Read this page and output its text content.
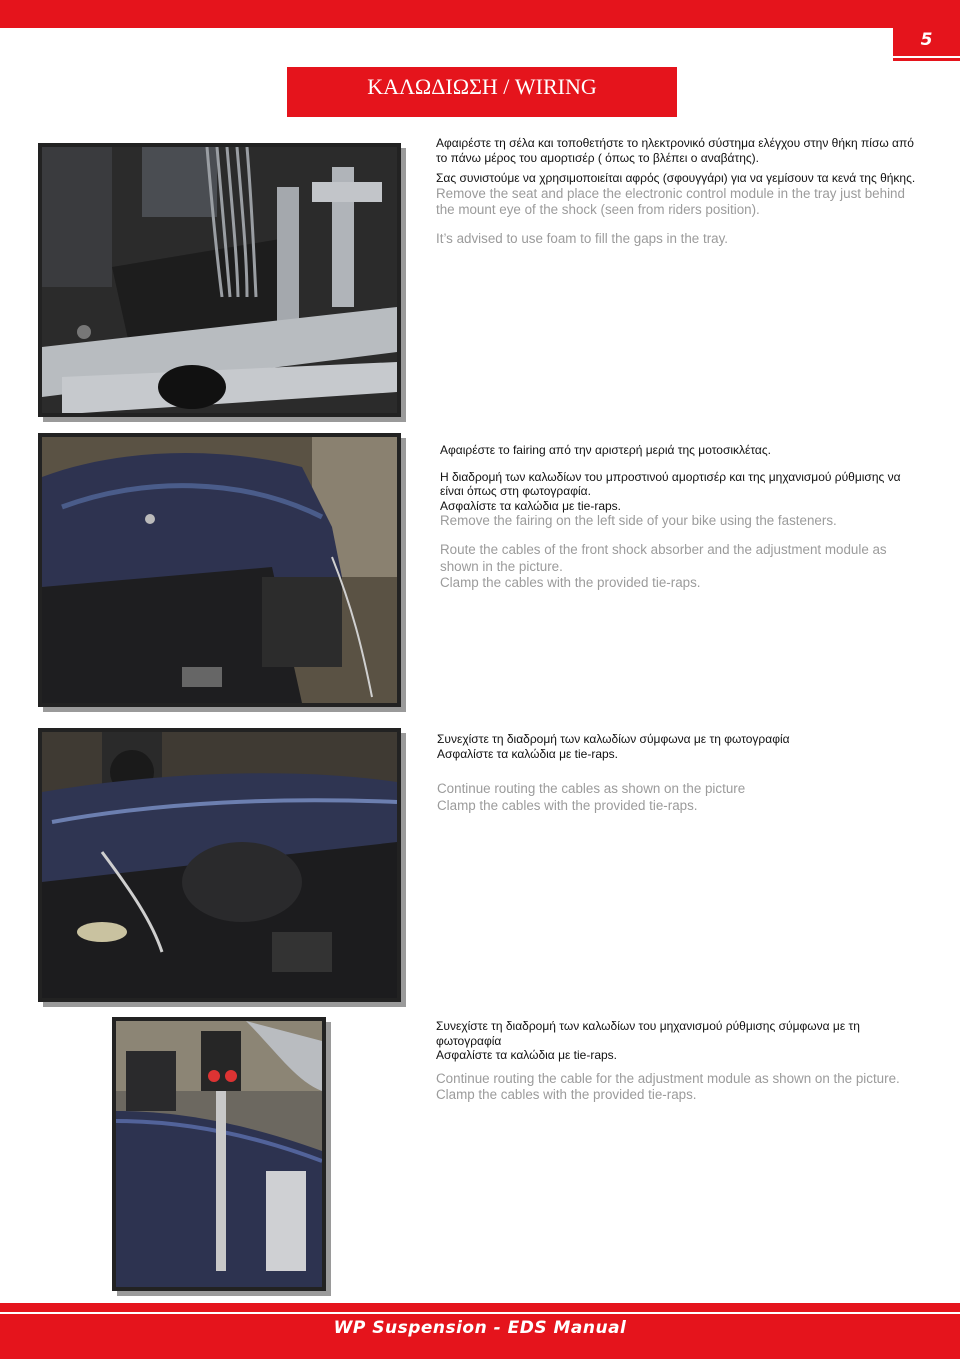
5
ΚΑΛΩΔΙΩΣΗ / WIRING

Αφαιρέστε τη σέλα και τοποθετήστε το ηλεκτρονικό σύστημα ελέγχου στην θήκη πίσω από το πάνω μέρος του αμορτισέρ ( όπως το βλέπει ο αναβάτης).

Σας συνιστούμε να χρησιμοποιείται αφρός (σφουγγάρι) για να γεμίσουν τα κενά της θήκης.

Remove the seat and place the electronic control module in the tray just behind the mount eye of the shock (seen from riders position).

It’s advised to use foam to fill the gaps in the tray.

Αφαιρέστε το fairing από την αριστερή μεριά της μοτοσικλέτας.

Η διαδρομή των καλωδίων του μπροστινού αμορτισέρ και της μηχανισμού ρύθμισης να είναι όπως στη φωτογραφία.

Ασφαλίστε τα καλώδια με tie-raps.

Remove the fairing on the left side of your bike using the fasteners.

Route the cables of the front shock absorber and the adjustment module as shown in the picture.

Clamp the cables with the provided tie-raps.

Συνεχίστε τη διαδρομή των καλωδίων σύμφωνα με τη φωτογραφία

Ασφαλίστε τα καλώδια με tie-raps.

Continue routing the cables as shown on the picture

Clamp the cables with the provided tie-raps.

Συνεχίστε τη διαδρομή των καλωδίων του μηχανισμού ρύθμισης σύμφωνα με τη φωτογραφία

Ασφαλίστε τα καλώδια με tie-raps.

Continue routing the cable for the adjustment module as shown on the picture.

Clamp the cables with the provided tie-raps.

WP Suspension - EDS Manual
